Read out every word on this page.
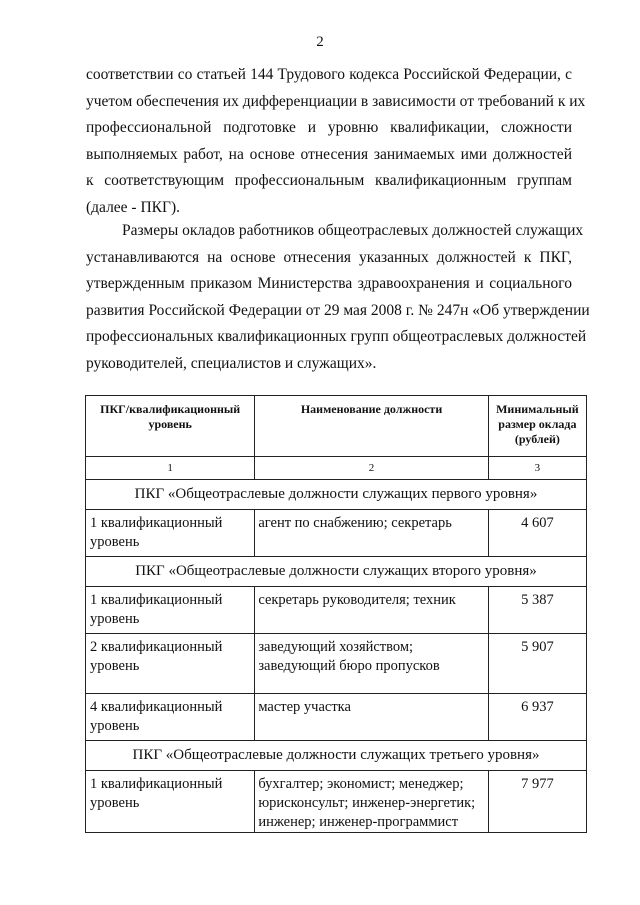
2
соответствии со статьей 144 Трудового кодекса Российской Федерации, с
учетом обеспечения их дифференциации в зависимости от требований к их
профессиональной подготовке и уровню квалификации, сложности
выполняемых работ, на основе отнесения занимаемых ими должностей
к соответствующим профессиональным квалификационным группам
(далее - ПКГ).
Размеры окладов работников общеотраслевых должностей служащих
устанавливаются на основе отнесения указанных должностей к ПКГ,
утвержденным приказом Министерства здравоохранения и социального
развития Российской Федерации от 29 мая 2008 г. № 247н «Об утверждении
профессиональных квалификационных групп общеотраслевых должностей
руководителей, специалистов и служащих».
ПКГ/квалификационный уровень	Наименование должности	Минимальный размер оклада (рублей)
1	2	3
ПКГ «Общеотраслевые должности служащих первого уровня»		

1 квалификационный
уровень	агент по снабжению; секретарь	4 607
ПКГ «Общеотраслевые должности служащих второго уровня»		

1 квалификационный
уровень	секретарь руководителя; техник	5 387

2 квалификационный
уровень	заведующий хозяйством;
заведующий бюро пропусков	5 907

4 квалификационный
уровень	мастер участка	6 937
ПКГ «Общеотраслевые должности служащих третьего уровня»		

1 квалификационный
уровень	бухгалтер; экономист; менеджер;
юрисконсульт; инженер-энергетик;
инженер; инженер-программист	7 977
